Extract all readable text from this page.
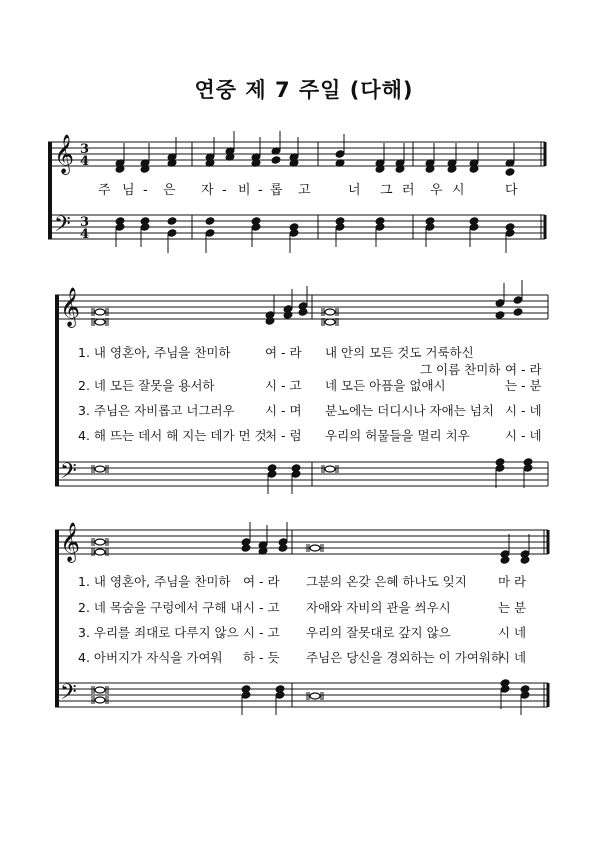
연중 제 7 주일 (다해)
𝄞
𝄢
3
4
3
4
𝄞
𝄢
𝄞
𝄢
주 님 - 은 자 - 비 - 롭 고	너 그 러 우 시	다
1. 내 영혼아, 주님을 찬미하	여 - 라 내 안의 모든 것도 거룩하신
그 이름 찬미하 여 - 라
2. 네 모든 잘못을 용서하	시 - 고 네 모든 아픔을 없애시	는 - 분
3. 주님은 자비롭고 너그러우 시 - 며 분노에는 더디시나 자애는 넘치 시 - 네
4. 해 뜨는 데서 해 지는 데가 먼 것
처 - 럼 우리의 허물들을 멀리 치우	시 - 네
1. 내 영혼아, 주님을 찬미하 여 - 라 그분의 온갖 은혜 하나도 잊지 마 라
2. 네 목숨을 구렁에서 구해 내 시 - 고 자애와 자비의 관을 씌우시	는 분
3. 우리를 죄대로 다루지 않으 시 - 고 우리의 잘못대로 갚지 않으	시 네
4. 아버지가 자식을 가여워 하 - 듯 주님은 당신을 경외하는 이 가여워하
시 네
